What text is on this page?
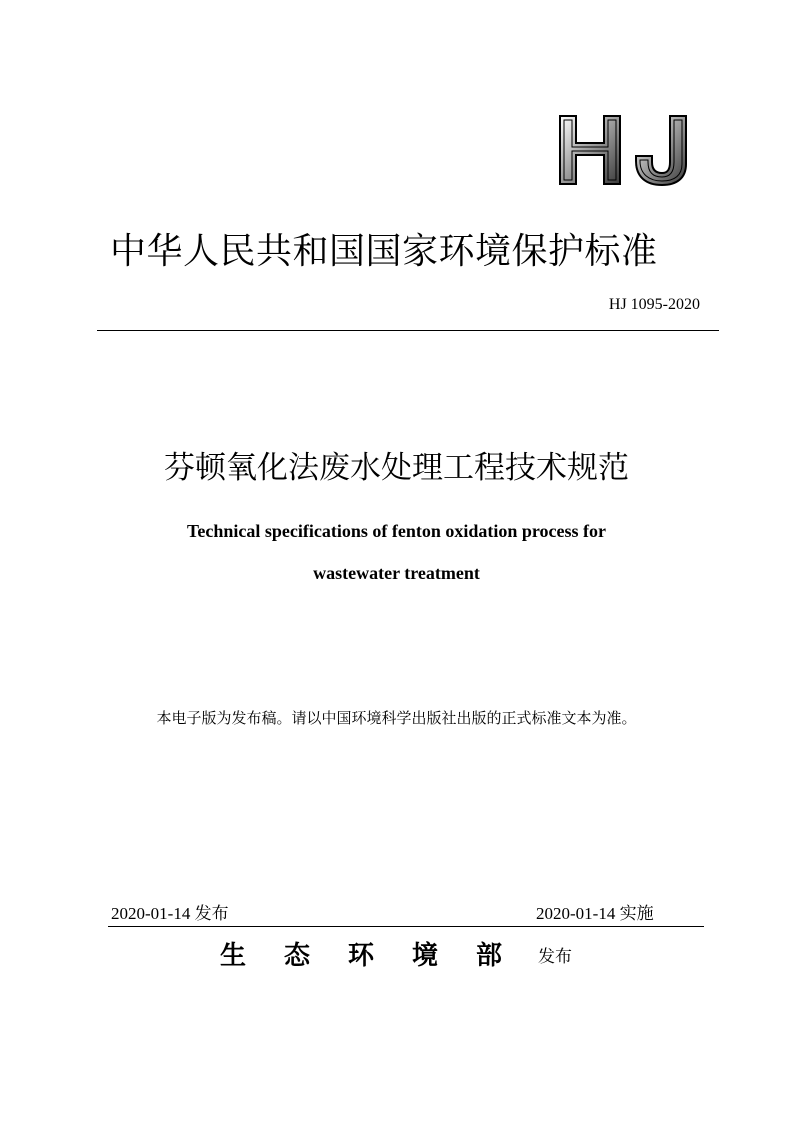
中华人民共和国国家环境保护标准
HJ 1095-2020
芬顿氧化法废水处理工程技术规范
Technical specifications of fenton oxidation process for
wastewater treatment
本电子版为发布稿。请以中国环境科学出版社出版的正式标准文本为准。
2020-01-14 发布	2020-01-14 实施
生态环境部
发布
